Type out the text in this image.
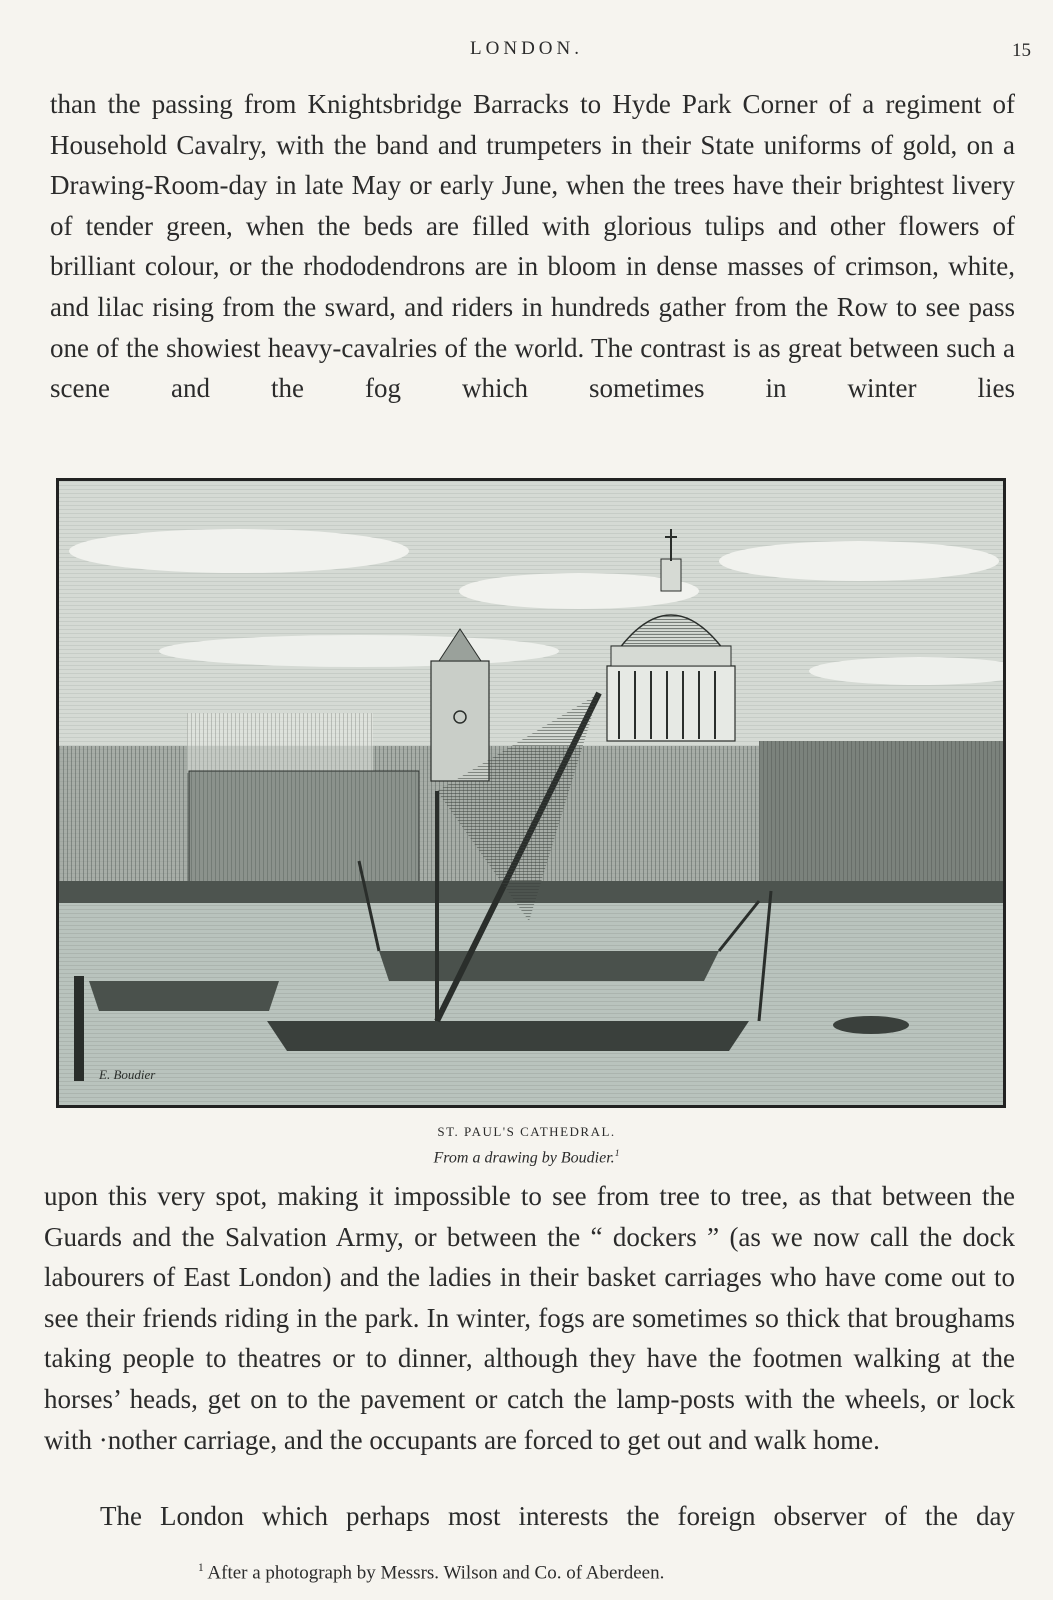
LONDON.	15

than the passing from Knightsbridge Barracks to Hyde Park Corner of a regiment of Household Cavalry, with the band and trumpeters in their State uniforms of gold, on a Drawing-Room-day in late May or early June, when the trees have their brightest livery of tender green, when the beds are filled with glorious tulips and other flowers of brilliant colour, or the rhododendrons are in bloom in dense masses of crimson, white, and lilac rising from the sward, and riders in hundreds gather from the Row to see pass one of the showiest heavy-cavalries of the world. The contrast is as great between such a scene and the fog which sometimes in winter lies

E. Boudier
ST. PAUL'S CATHEDRAL.
From a drawing by Boudier.$^1$

upon this very spot, making it impossible to see from tree to tree, as that between the Guards and the Salvation Army, or between the “ dockers ” (as we now call the dock labourers of East London) and the ladies in their basket carriages who have come out to see their friends riding in the park. In winter, fogs are sometimes so thick that broughams taking people to theatres or to dinner, although they have the footmen walking at the horses’ heads, get on to the pavement or catch the lamp-posts with the wheels, or lock with ·nother carriage, and the occupants are forced to get out and walk home.

The London which perhaps most interests the foreign observer of the day

$^1$ After a photograph by Messrs. Wilson and Co. of Aberdeen.
